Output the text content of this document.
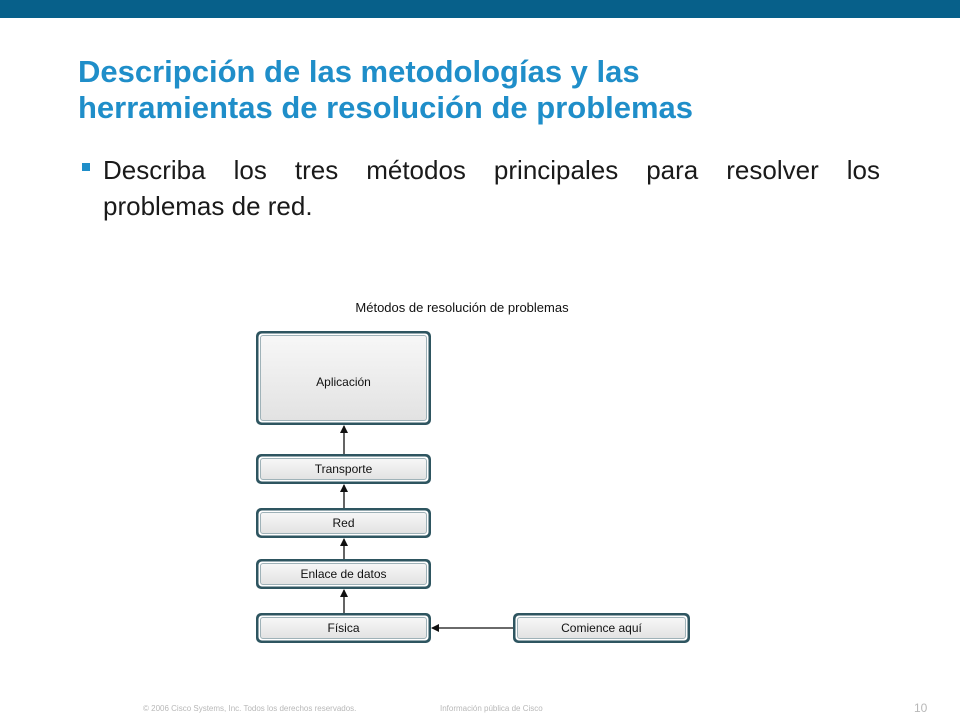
Descripción de las metodologías y las
herramientas de resolución de problemas
Describa los tres métodos principales para resolver los
problemas de red.
Métodos de resolución de problemas
Aplicación
Transporte
Red
Enlace de datos
Física	Comience aquí
© 2006 Cisco Systems, Inc. Todos los derechos reservados.	Información pública de Cisco	10
